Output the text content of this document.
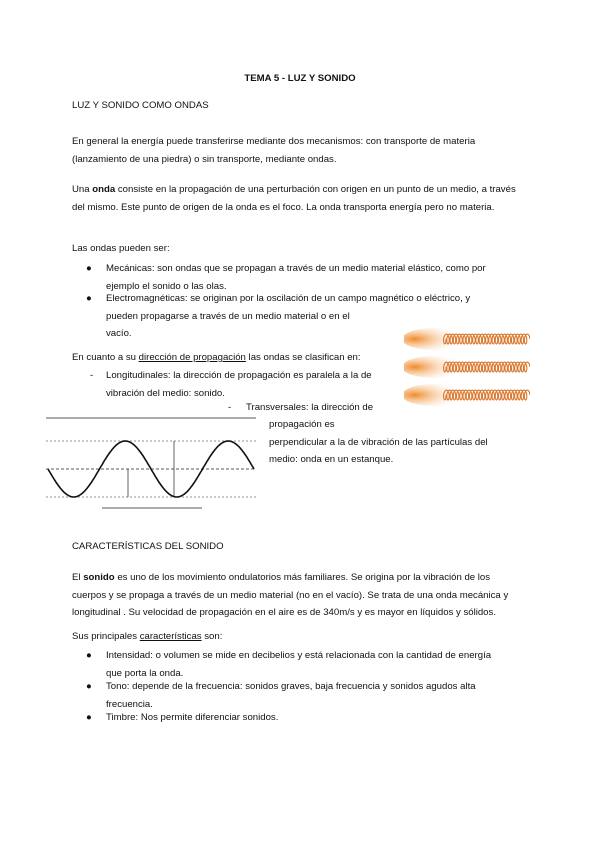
TEMA 5 - LUZ Y SONIDO
LUZ Y SONIDO COMO ONDAS
En general la energía puede transferirse mediante dos mecanismos: con transporte de materia (lanzamiento de una piedra) o sin transporte, mediante ondas.
Una onda consiste en la propagación de una perturbación con origen en un punto de un medio, a través del mismo. Este punto de origen de la onda es el foco. La onda transporta energía pero no materia.
Las ondas pueden ser:
● Mecánicas: son ondas que se propagan a través de un medio material elástico, como por
ejemplo el sonido o las olas.
● Electromagnéticas: se originan por la oscilación de un campo magnético o eléctrico, y
pueden propagarse a través de un medio material o en el
vacío.
En cuanto a su dirección de propagación las ondas se clasifican en:
- Longitudinales: la dirección de propagación es paralela a la de
vibración del medio: sonido.
- Transversales: la dirección de
propagación es
perpendicular a la de vibración de las partículas del
medio: onda en un estanque.
CARACTERÍSTICAS DEL SONIDO
El sonido es uno de los movimiento ondulatorios más familiares. Se origina por la vibración de los cuerpos y se propaga a través de un medio material (no en el vacío). Se trata de una onda mecánica y longitudinal . Su velocidad de propagación en el aire es de 340m/s y es mayor en líquidos y sólidos.
Sus principales características son:
● Intensidad: o volumen se mide en decibelios y está relacionada con la cantidad de energía
que porta la onda.
● Tono: depende de la frecuencia: sonidos graves, baja frecuencia y sonidos agudos alta
frecuencia.
● Timbre: Nos permite diferenciar sonidos.
